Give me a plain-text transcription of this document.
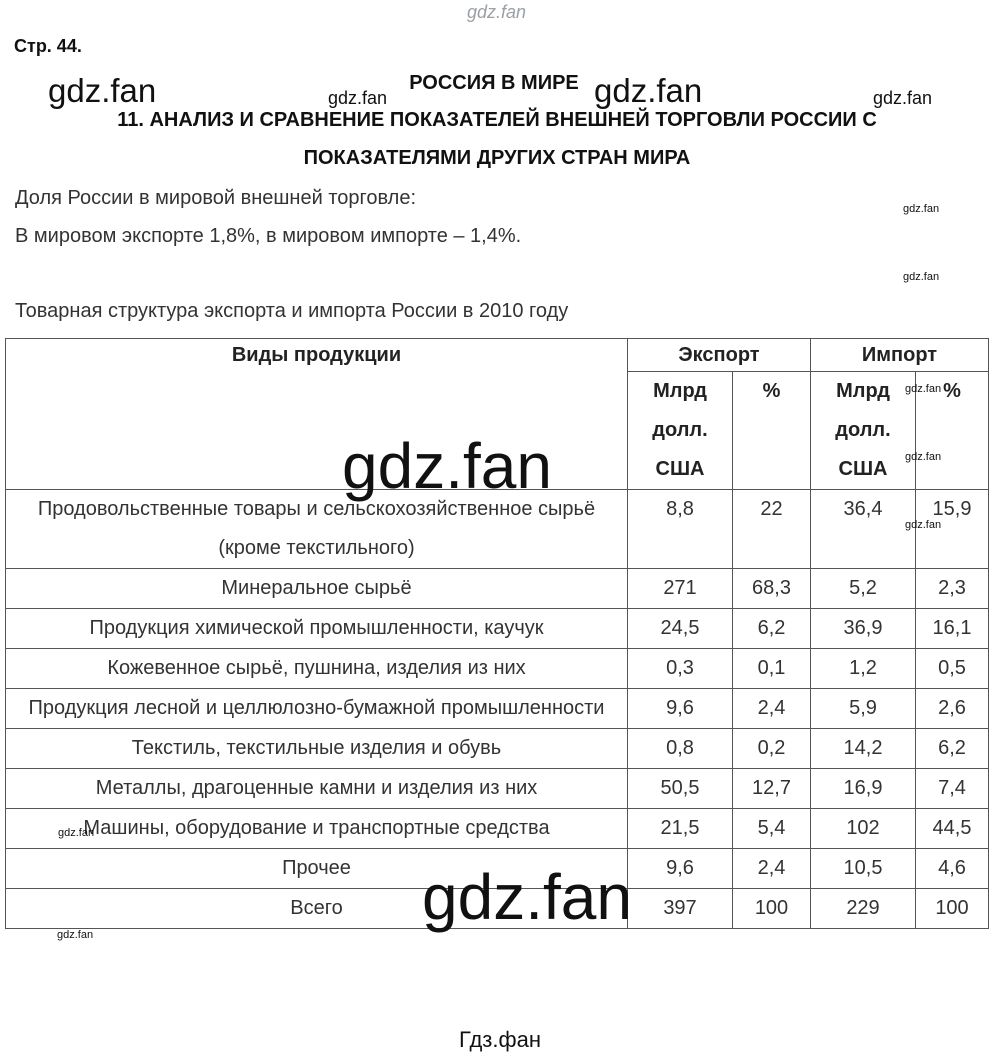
gdz.fan
Стр. 44.
РОССИЯ В МИРЕ
11. АНАЛИЗ И СРАВНЕНИЕ ПОКАЗАТЕЛЕЙ ВНЕШНЕЙ ТОРГОВЛИ РОССИИ С
ПОКАЗАТЕЛЯМИ ДРУГИХ СТРАН МИРА
Доля России в мировой внешней торговле:
В мировом экспорте 1,8%, в мировом импорте – 1,4%.
Товарная структура экспорта и импорта России в 2010 году
Виды продукции	Экспорт		Импорт	
	Млрд долл. США	%	Млрд долл. США	%
Продовольственные товары и сельскохозяйственное сырьё (кроме текстильного)	8,8	22	36,4	15,9
Минеральное сырьё	271	68,3	5,2	2,3
Продукция химической промышленности, каучук	24,5	6,2	36,9	16,1
Кожевенное сырьё, пушнина, изделия из них	0,3	0,1	1,2	0,5
Продукция лесной и целлюлозно-бумажной промышленности	9,6	2,4	5,9	2,6
Текстиль, текстильные изделия и обувь	0,8	0,2	14,2	6,2
Металлы, драгоценные камни и изделия из них	50,5	12,7	16,9	7,4
Машины, оборудование и транспортные средства	21,5	5,4	102	44,5
Прочее	9,6	2,4	10,5	4,6
Всего	397	100	229	100
gdz.fan	gdz.fan	gdz.fan	gdz.fan
gdz.fan
gdz.fan
gdz.fan
gdz.fan
gdz.fan
gdz.fan
gdz.fan
gdz.fan
gdz.fan
Гдз.фан
